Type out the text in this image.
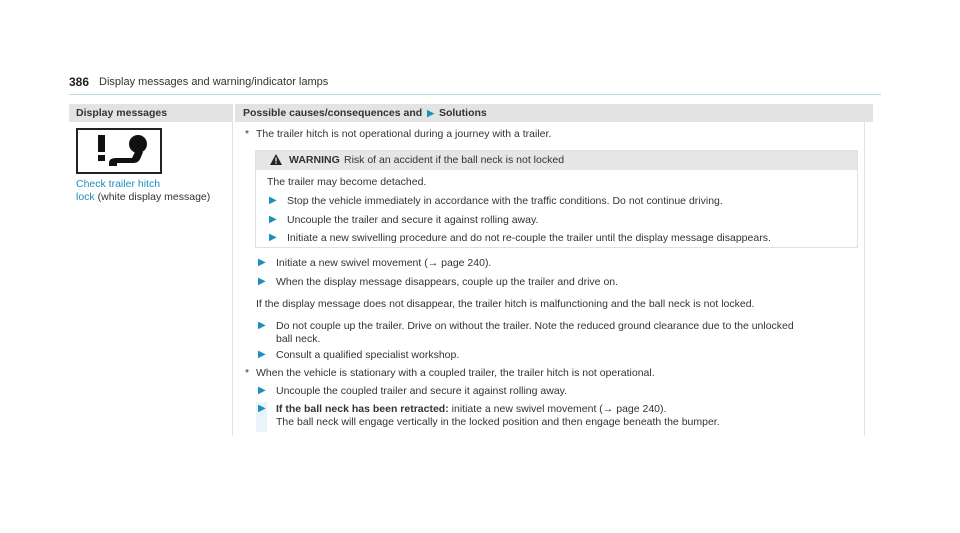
386 Display messages and warning/indicator lamps
Display messages	Possible causes/consequences and ▶ Solutions
Check trailer hitch
lock (white display message)
* The trailer hitch is not operational during a journey with a trailer.
WARNING Risk of an accident if the ball neck is not locked
The trailer may become detached.
▶ Stop the vehicle immediately in accordance with the traffic conditions. Do not continue driving.
▶ Uncouple the trailer and secure it against rolling away.
▶ Initiate a new swivelling procedure and do not re-couple the trailer until the display message disappears.
▶ Initiate a new swivel movement (→ page 240).
▶ When the display message disappears, couple up the trailer and drive on.
If the display message does not disappear, the trailer hitch is malfunctioning and the ball neck is not locked.
▶ Do not couple up the trailer. Drive on without the trailer. Note the reduced ground clearance due to the unlocked
ball neck.
▶ Consult a qualified specialist workshop.
* When the vehicle is stationary with a coupled trailer, the trailer hitch is not operational.
▶ Uncouple the coupled trailer and secure it against rolling away.
▶ If the ball neck has been retracted: initiate a new swivel movement (→ page 240).
The ball neck will engage vertically in the locked position and then engage beneath the bumper.
